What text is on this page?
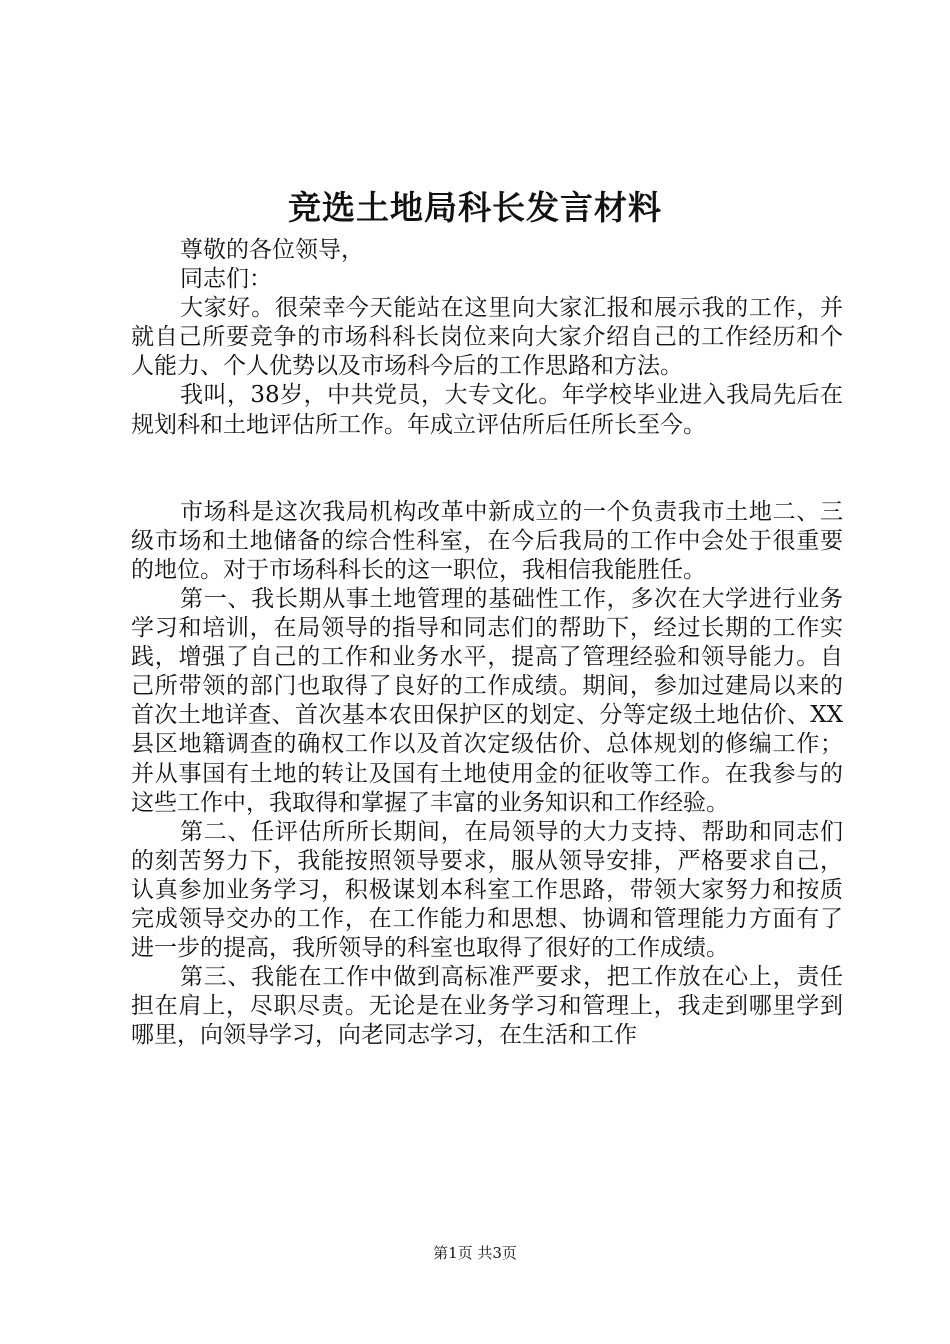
竞选土地局科长发言材料

尊敬的各位领导，

同志们：

大家好。很荣幸今天能站在这里向大家汇报和展示我的工作，并就自己所要竞争的市场科科长岗位来向大家介绍自己的工作经历和个人能力、个人优势以及市场科今后的工作思路和方法。

我叫，38岁，中共党员，大专文化。年学校毕业进入我局先后在规划科和土地评估所工作。年成立评估所后任所长至今。

市场科是这次我局机构改革中新成立的一个负责我市土地二、三级市场和土地储备的综合性科室，在今后我局的工作中会处于很重要的地位。对于市场科科长的这一职位，我相信我能胜任。

第一、我长期从事土地管理的基础性工作，多次在大学进行业务学习和培训，在局领导的指导和同志们的帮助下，经过长期的工作实践，增强了自己的工作和业务水平，提高了管理经验和领导能力。自己所带领的部门也取得了良好的工作成绩。期间，参加过建局以来的首次土地详查、首次基本农田保护区的划定、分等定级土地估价、XX县区地籍调查的确权工作以及首次定级估价、总体规划的修编工作；并从事国有土地的转让及国有土地使用金的征收等工作。在我参与的这些工作中，我取得和掌握了丰富的业务知识和工作经验。

第二、任评估所所长期间，在局领导的大力支持、帮助和同志们的刻苦努力下，我能按照领导要求，服从领导安排，严格要求自己，认真参加业务学习，积极谋划本科室工作思路，带领大家努力和按质完成领导交办的工作，在工作能力和思想、协调和管理能力方面有了进一步的提高，我所领导的科室也取得了很好的工作成绩。

第三、我能在工作中做到高标准严要求，把工作放在心上，责任担在肩上，尽职尽责。无论是在业务学习和管理上，我走到哪里学到哪里，向领导学习，向老同志学习，在生活和工作

第1页 共3页
